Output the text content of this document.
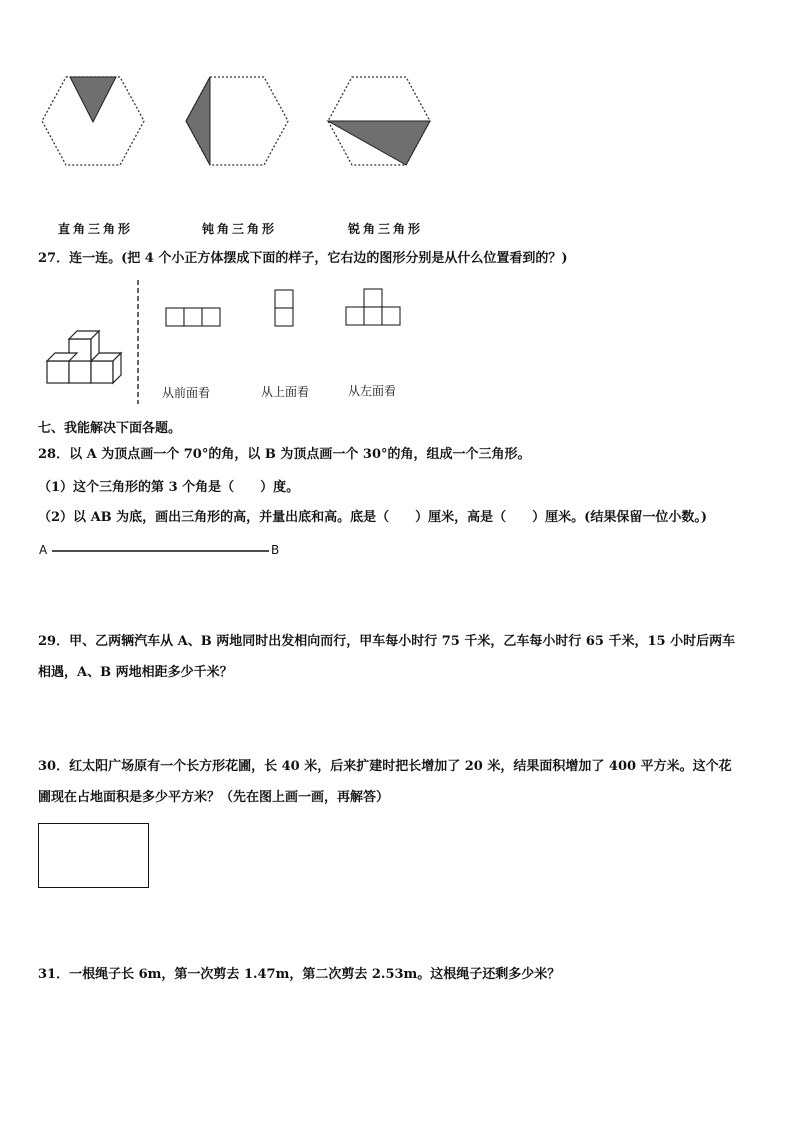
直角三角形	钝角三角形	锐角三角形
27．连一连。(把 4 个小正方体摆成下面的样子，它右边的图形分别是从什么位置看到的？)
从前面看	从上面看	从左面看
七、我能解决下面各题。
28．以 A 为顶点画一个 70°的角，以 B 为顶点画一个 30°的角，组成一个三角形。
（1）这个三角形的第 3 个角是（　　）度。
（2）以 AB 为底，画出三角形的高，并量出底和高。底是（　　）厘米，高是（　　）厘米。(结果保留一位小数。)
A	B
29．甲、乙两辆汽车从 A、B 两地同时出发相向而行，甲车每小时行 75 千米，乙车每小时行 65 千米，15 小时后两车
相遇，A、B 两地相距多少千米？
30．红太阳广场原有一个长方形花圃，长 40 米，后来扩建时把长增加了 20 米，结果面积增加了 400 平方米。这个花
圃现在占地面积是多少平方米？（先在图上画一画，再解答）
31．一根绳子长 6m，第一次剪去 1.47m，第二次剪去 2.53m。这根绳子还剩多少米？
